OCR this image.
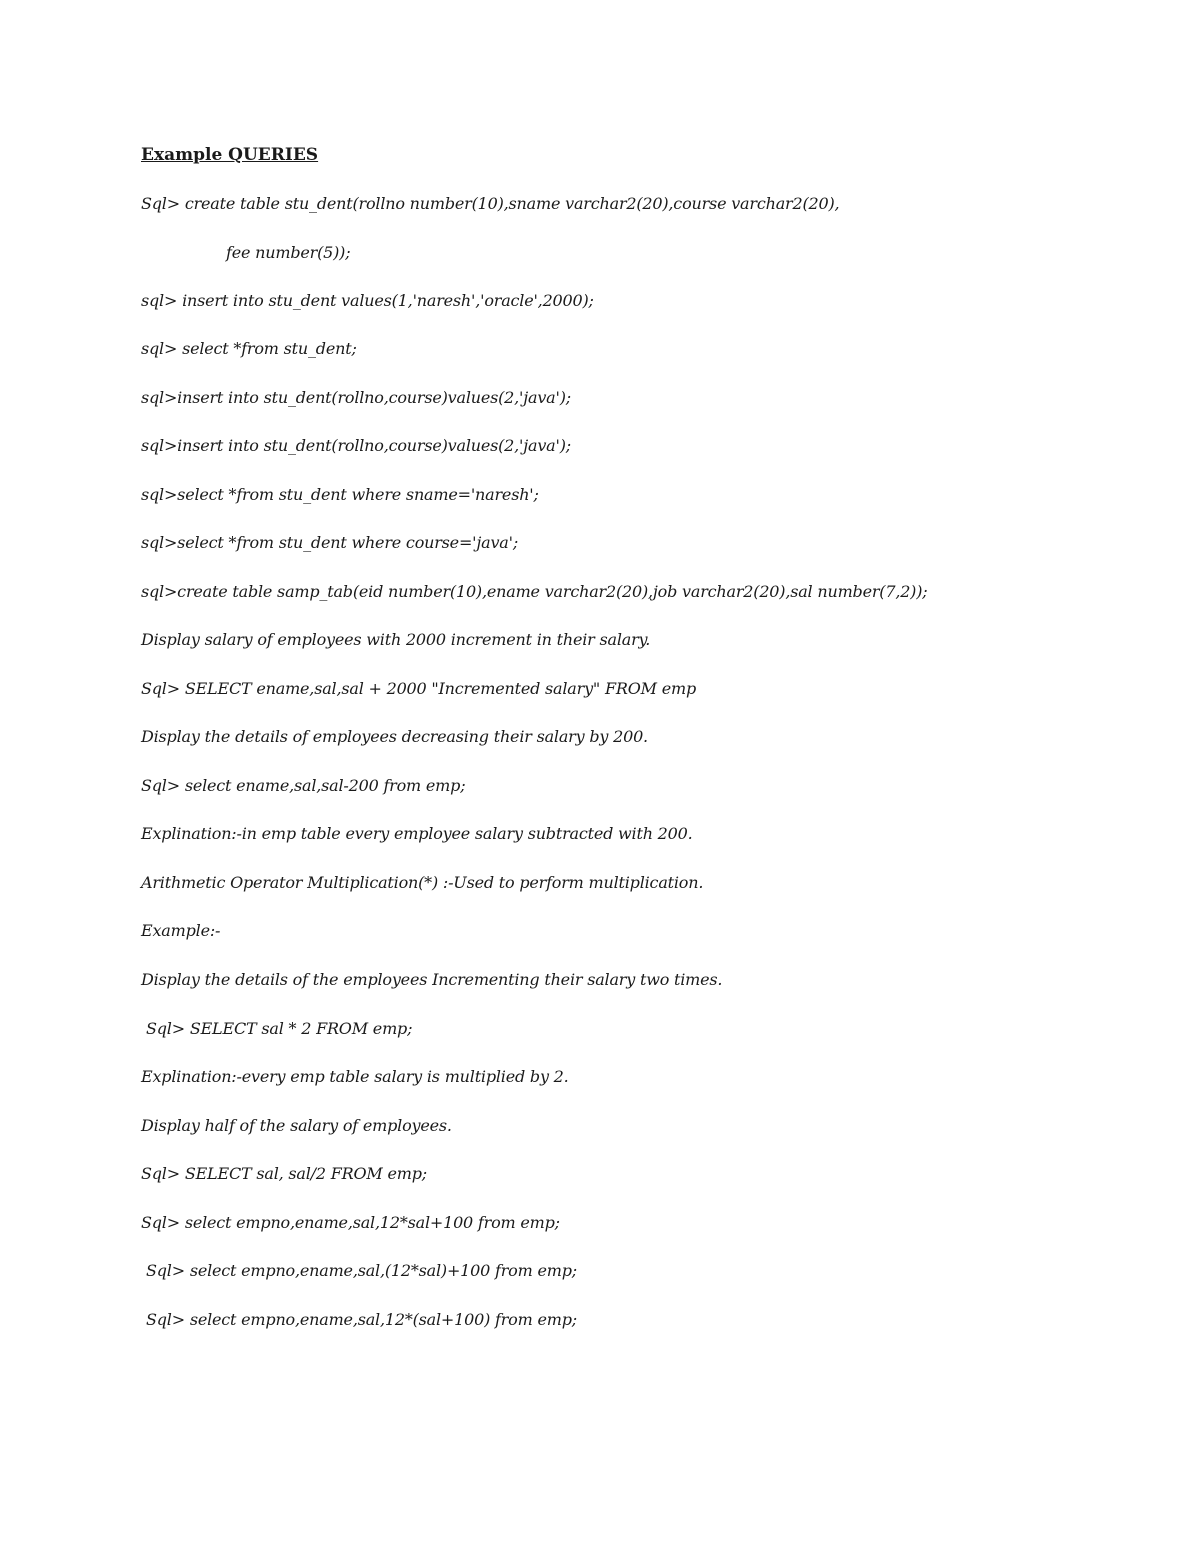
Example QUERIES
Sql> create table stu_dent(rollno number(10),sname varchar2(20),course varchar2(20),
fee number(5));
sql> insert into stu_dent values(1,'naresh','oracle',2000);
sql> select *from stu_dent;
sql>insert into stu_dent(rollno,course)values(2,'java');
sql>insert into stu_dent(rollno,course)values(2,'java');
sql>select *from stu_dent where sname='naresh';
sql>select *from stu_dent where course='java';
sql>create table samp_tab(eid number(10),ename varchar2(20),job varchar2(20),sal number(7,2));
Display salary of employees with 2000 increment in their salary.
Sql> SELECT ename,sal,sal + 2000 "Incremented salary" FROM emp
Display the details of employees decreasing their salary by 200.
Sql> select ename,sal,sal-200 from emp;
Explination:-in emp table every employee salary subtracted with 200.
Arithmetic Operator Multiplication(*) :-Used to perform multiplication.
Example:-
Display the details of the employees Incrementing their salary two times.
Sql> SELECT sal * 2 FROM emp;
Explination:-every emp table salary is multiplied by 2.
Display half of the salary of employees.
Sql> SELECT sal, sal/2 FROM emp;
Sql> select empno,ename,sal,12*sal+100 from emp;
Sql> select empno,ename,sal,(12*sal)+100 from emp;
Sql> select empno,ename,sal,12*(sal+100) from emp;
